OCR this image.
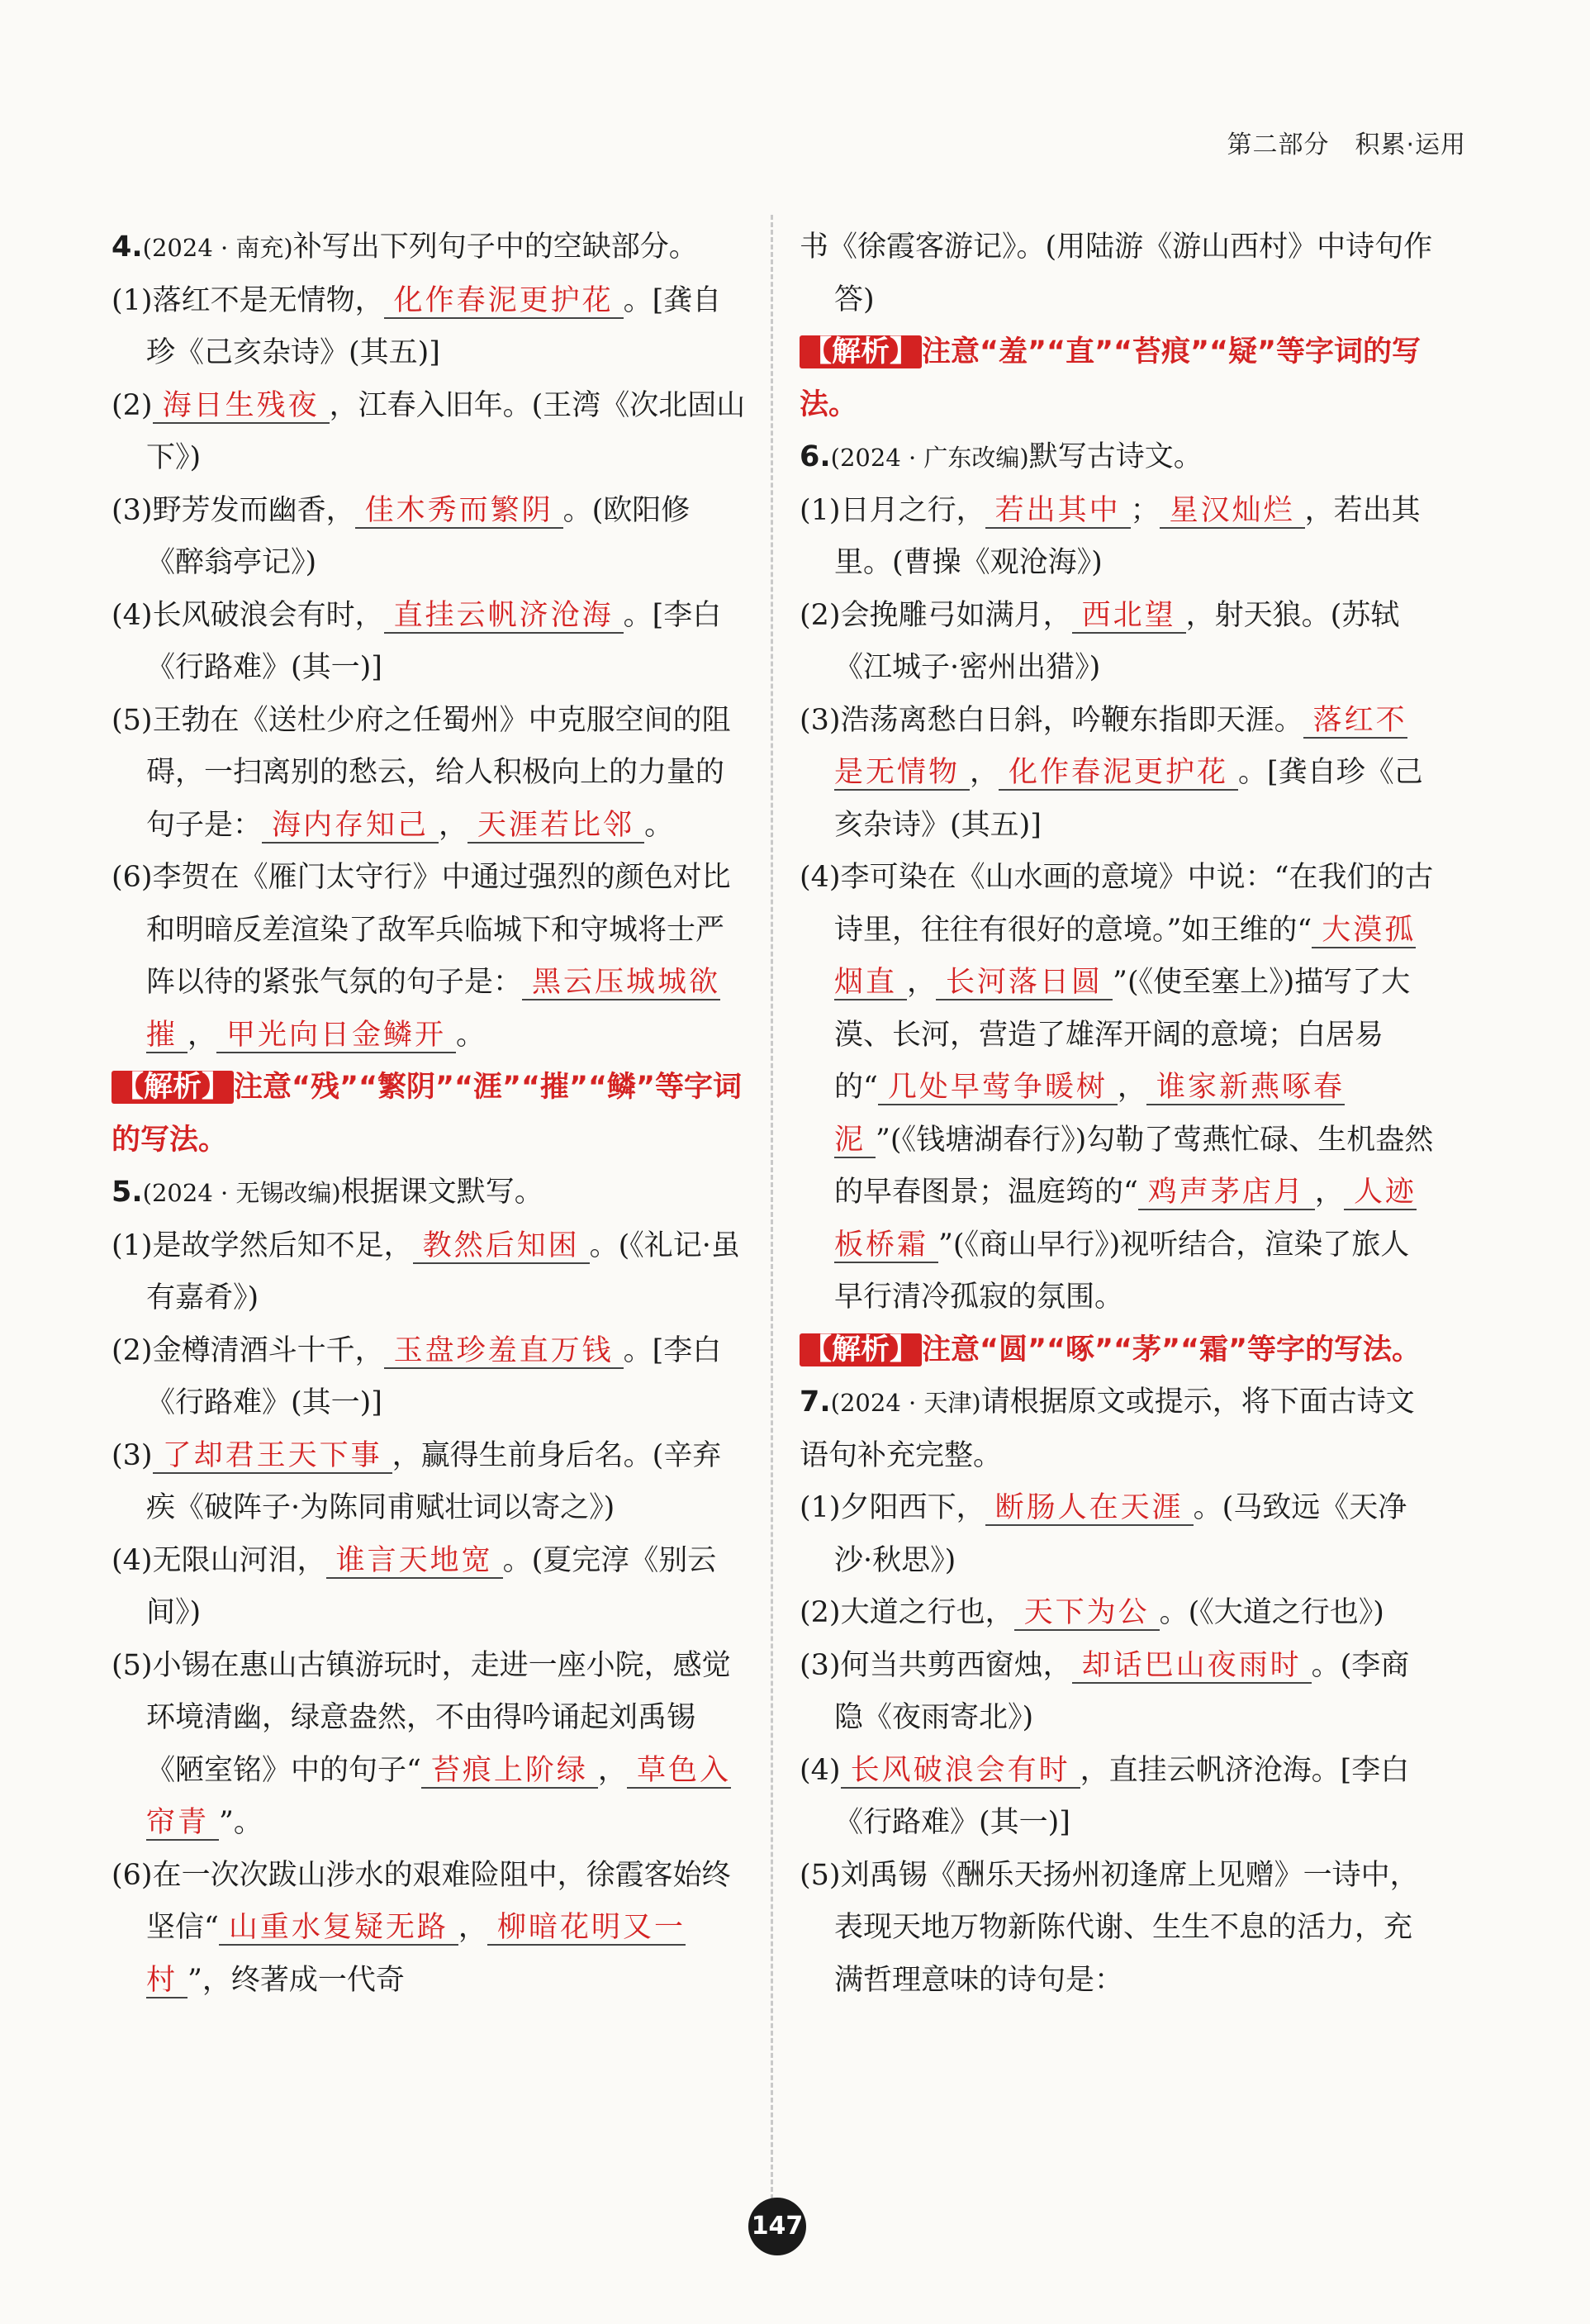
第二部分　积累·运用

4.(2024 · 南充)补写出下列句子中的空缺部分。

(1)落红不是无情物， 化作春泥更护花 。[龚自珍《己亥杂诗》(其五)]

(2) 海日生残夜 ，江春入旧年。(王湾《次北固山下》)

(3)野芳发而幽香， 佳木秀而繁阴 。(欧阳修《醉翁亭记》)

(4)长风破浪会有时， 直挂云帆济沧海 。[李白《行路难》(其一)]

(5)王勃在《送杜少府之任蜀州》中克服空间的阻碍，一扫离别的愁云，给人积极向上的力量的句子是： 海内存知己 ， 天涯若比邻 。

(6)李贺在《雁门太守行》中通过强烈的颜色对比和明暗反差渲染了敌军兵临城下和守城将士严阵以待的紧张气氛的句子是： 黑云压城城欲摧 ， 甲光向日金鳞开 。

【解析】 注意“残”“繁阴”“涯”“摧”“鳞”等字词的写法。

5.(2024 · 无锡改编)根据课文默写。

(1)是故学然后知不足， 教然后知困 。(《礼记·虽有嘉肴》)

(2)金樽清酒斗十千， 玉盘珍羞直万钱 。[李白《行路难》(其一)]

(3) 了却君王天下事 ，赢得生前身后名。(辛弃疾《破阵子·为陈同甫赋壮词以寄之》)

(4)无限山河泪， 谁言天地宽 。(夏完淳《别云间》)

(5)小锡在惠山古镇游玩时，走进一座小院，感觉环境清幽，绿意盎然，不由得吟诵起刘禹锡《陋室铭》中的句子“ 苔痕上阶绿 ， 草色入帘青 ”。

(6)在一次次跋山涉水的艰难险阻中，徐霞客始终坚信“ 山重水复疑无路 ， 柳暗花明又一村 ”，终著成一代奇

书《徐霞客游记》。(用陆游《游山西村》中诗句作答)

【解析】 注意“羞”“直”“苔痕”“疑”等字词的写法。

6.(2024 · 广东改编)默写古诗文。

(1)日月之行， 若出其中 ； 星汉灿烂 ，若出其里。(曹操《观沧海》)

(2)会挽雕弓如满月， 西北望 ，射天狼。(苏轼《江城子·密州出猎》)

(3)浩荡离愁白日斜，吟鞭东指即天涯。 落红不是无情物 ， 化作春泥更护花 。[龚自珍《己亥杂诗》(其五)]

(4)李可染在《山水画的意境》中说：“在我们的古诗里，往往有很好的意境。”如王维的“ 大漠孤烟直 ， 长河落日圆 ”(《使至塞上》)描写了大漠、长河，营造了雄浑开阔的意境；白居易的“ 几处早莺争暖树 ， 谁家新燕啄春泥 ”(《钱塘湖春行》)勾勒了莺燕忙碌、生机盎然的早春图景；温庭筠的“ 鸡声茅店月 ， 人迹板桥霜 ”(《商山早行》)视听结合，渲染了旅人早行清冷孤寂的氛围。

【解析】 注意“圆”“啄”“茅”“霜”等字的写法。

7.(2024 · 天津)请根据原文或提示，将下面古诗文语句补充完整。

(1)夕阳西下， 断肠人在天涯 。(马致远《天净沙·秋思》)

(2)大道之行也， 天下为公 。(《大道之行也》)

(3)何当共剪西窗烛， 却话巴山夜雨时 。(李商隐《夜雨寄北》)

(4) 长风破浪会有时 ，直挂云帆济沧海。[李白《行路难》(其一)]

(5)刘禹锡《酬乐天扬州初逢席上见赠》一诗中，表现天地万物新陈代谢、生生不息的活力，充满哲理意味的诗句是：

147
